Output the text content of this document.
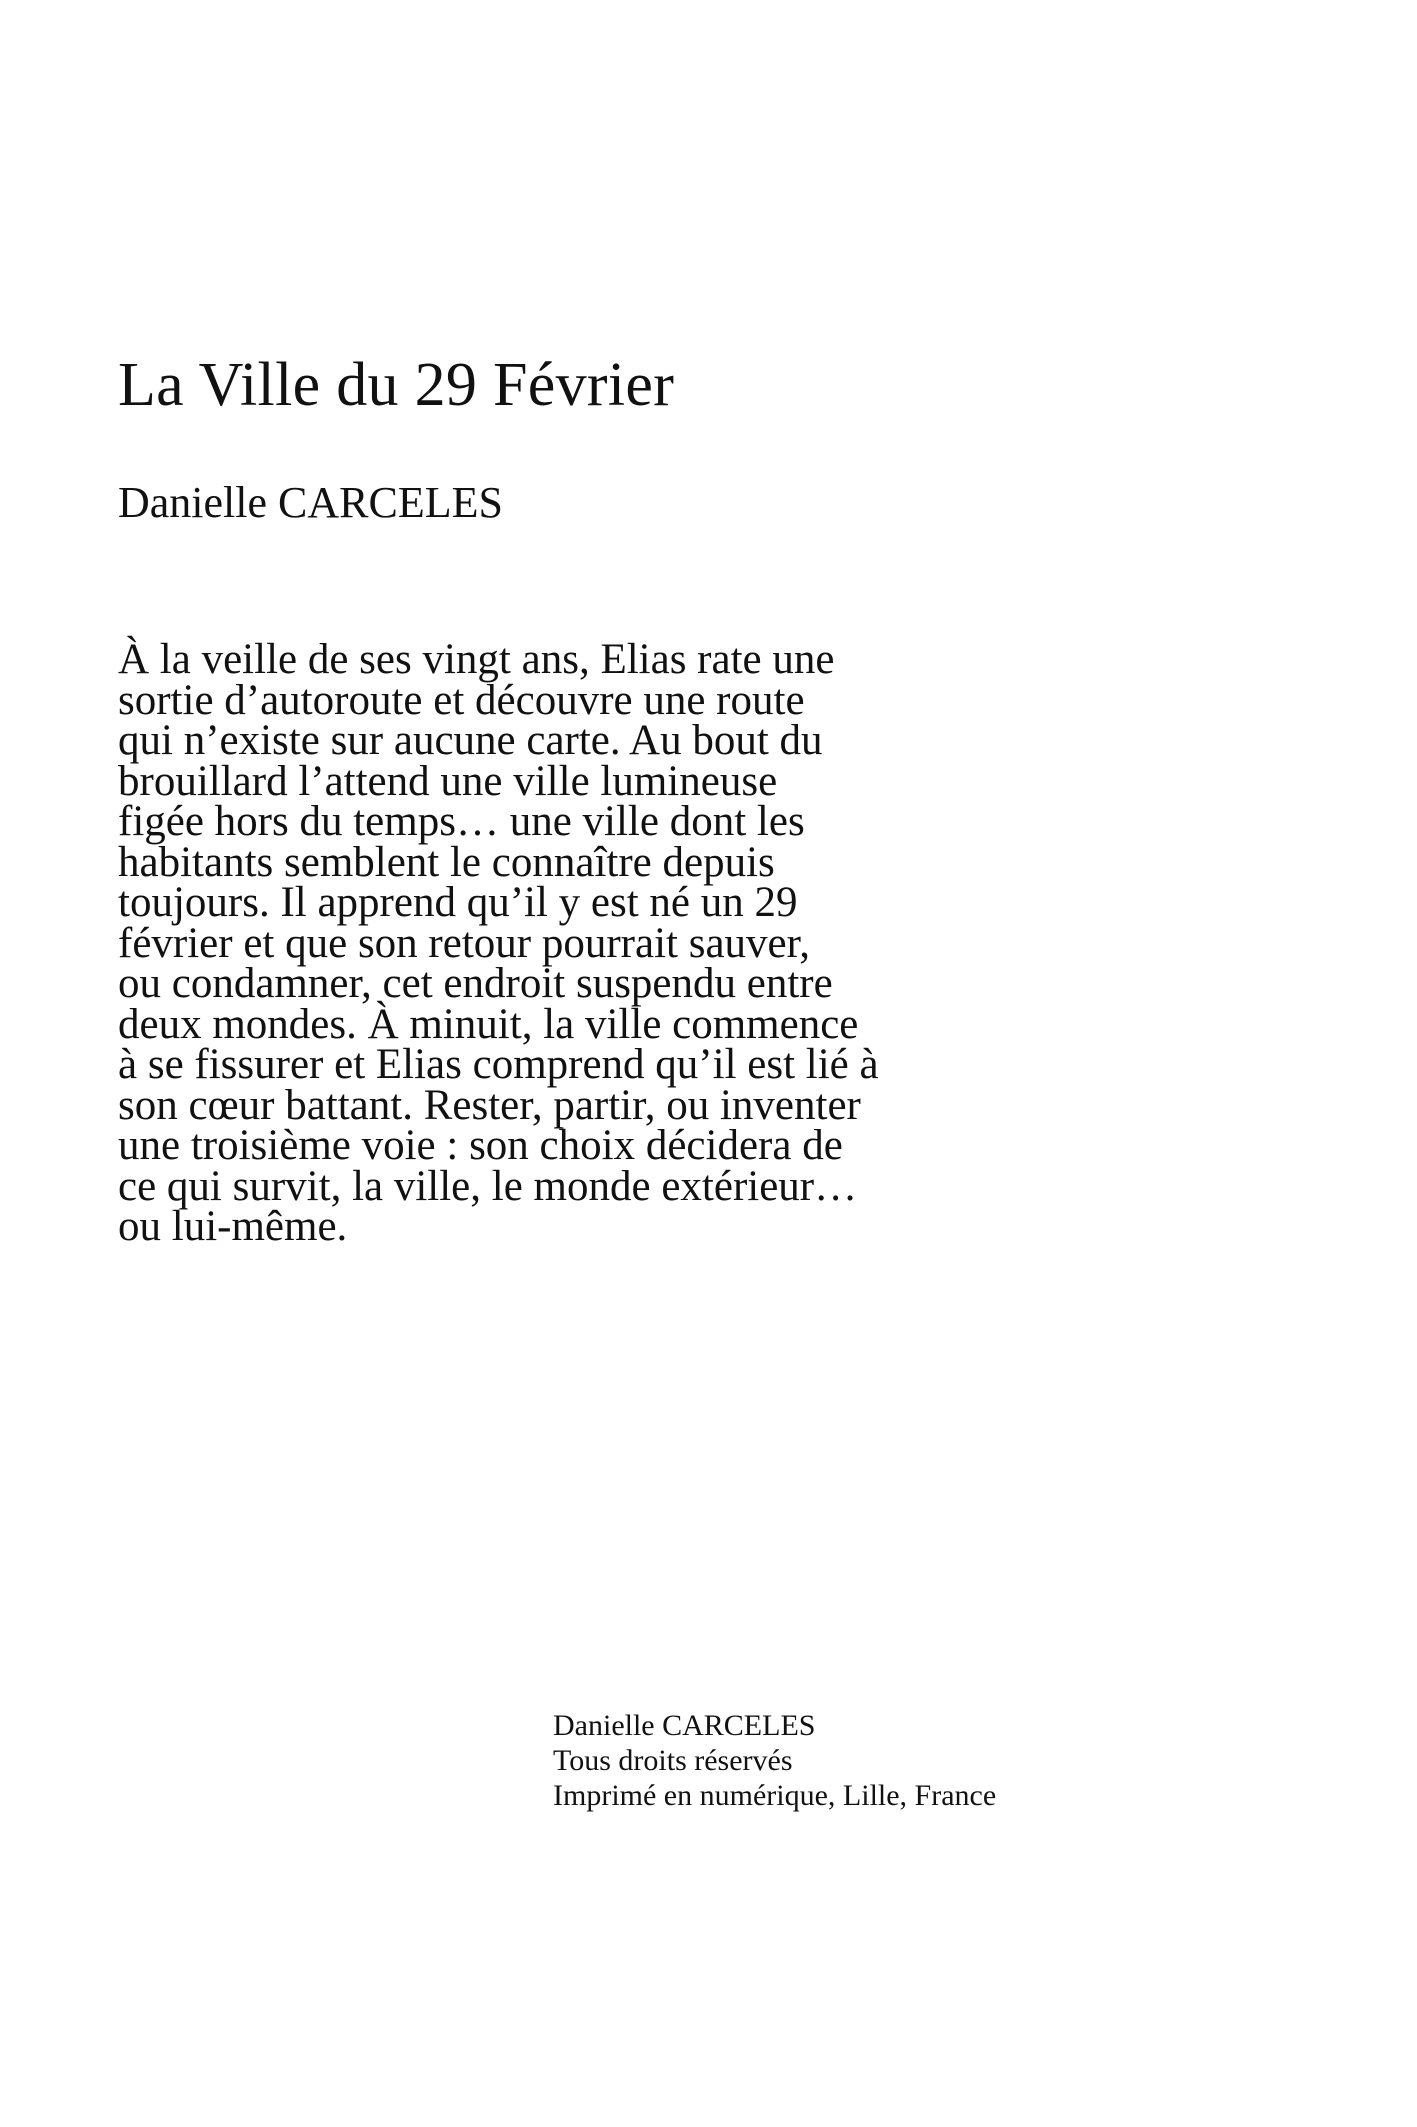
La Ville du 29 Février
Danielle CARCELES
À la veille de ses vingt ans, Elias rate une
sortie d’autoroute et découvre une route
qui n’existe sur aucune carte. Au bout du
brouillard l’attend une ville lumineuse
figée hors du temps… une ville dont les
habitants semblent le connaître depuis
toujours. Il apprend qu’il y est né un 29
février et que son retour pourrait sauver,
ou condamner, cet endroit suspendu entre
deux mondes. À minuit, la ville commence
à se fissurer et Elias comprend qu’il est lié à
son cœur battant. Rester, partir, ou inventer
une troisième voie : son choix décidera de
ce qui survit, la ville, le monde extérieur…
ou lui-même.
Danielle CARCELES
Tous droits réservés
Imprimé en numérique, Lille, France
